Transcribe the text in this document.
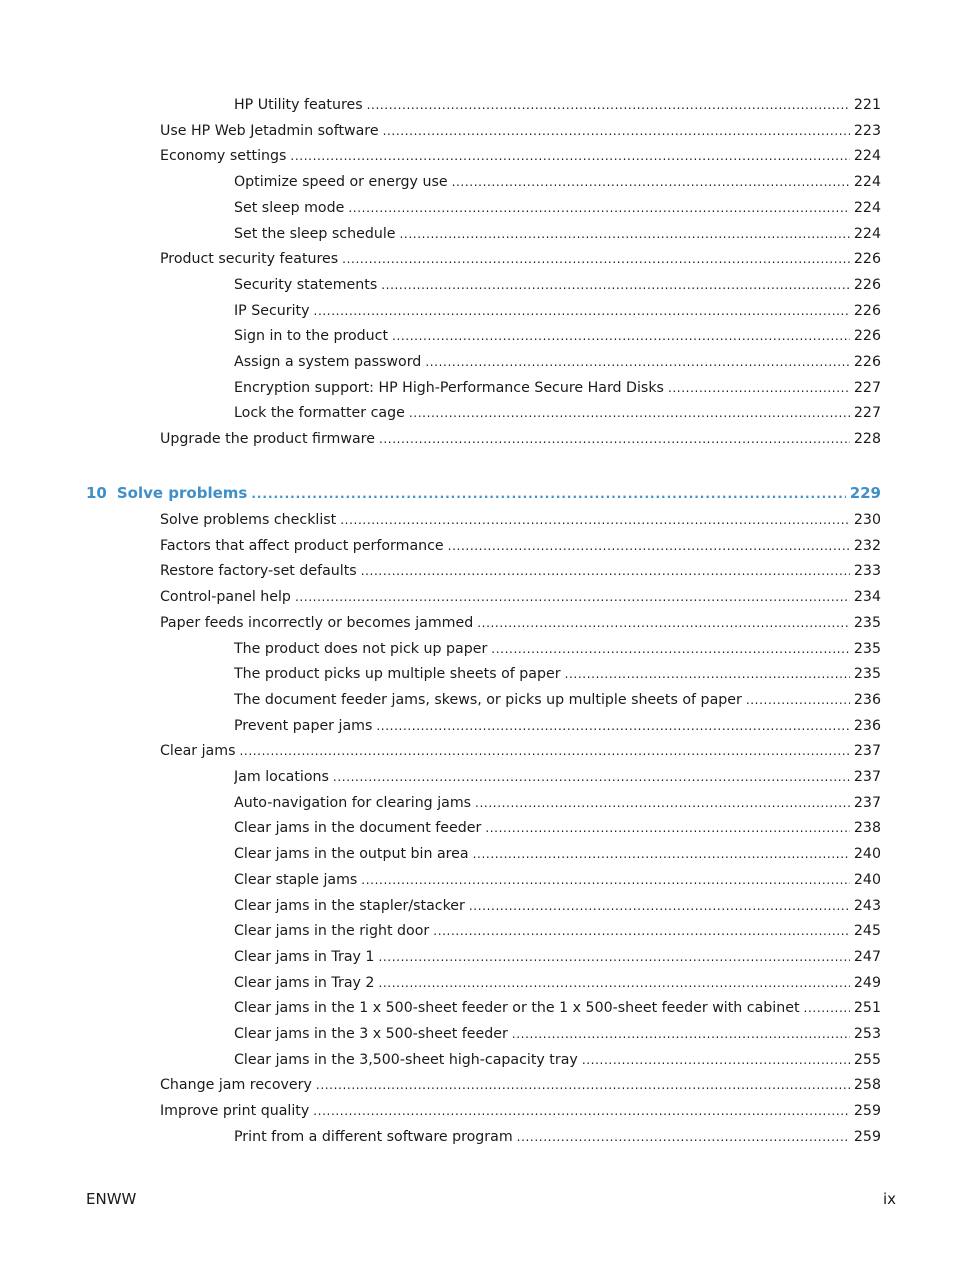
HP Utility features . . .	221
Use HP Web Jetadmin software . . .	223
Economy settings . . .	224
Optimize speed or energy use . . .	224
Set sleep mode . . .	224
Set the sleep schedule . . .	224
Product security features . . .	226
Security statements . . .	226
IP Security . . .	226
Sign in to the product . . .	226
Assign a system password . . .	226
Encryption support: HP High-Performance Secure Hard Disks . . .	227
Lock the formatter cage . . .	227
Upgrade the product firmware . . .	228
10 Solve problems . . .	229
Solve problems checklist . . .	230
Factors that affect product performance . . .	232
Restore factory-set defaults . . .	233
Control-panel help . . .	234
Paper feeds incorrectly or becomes jammed . . .	235
The product does not pick up paper . . .	235
The product picks up multiple sheets of paper . . .	235
The document feeder jams, skews, or picks up multiple sheets of paper . . .	236
Prevent paper jams . . .	236
Clear jams . . .	237
Jam locations . . .	237
Auto-navigation for clearing jams . . .	237
Clear jams in the document feeder . . .	238
Clear jams in the output bin area . . .	240
Clear staple jams . . .	240
Clear jams in the stapler/stacker . . .	243
Clear jams in the right door . . .	245
Clear jams in Tray 1 . . .	247
Clear jams in Tray 2 . . .	249
Clear jams in the 1 x 500-sheet feeder or the 1 x 500-sheet feeder with cabinet . . .	251
Clear jams in the 3 x 500-sheet feeder . . .	253
Clear jams in the 3,500-sheet high-capacity tray . . .	255
Change jam recovery . . .	258
Improve print quality . . .	259
Print from a different software program . . .	259
ENWW	ix
